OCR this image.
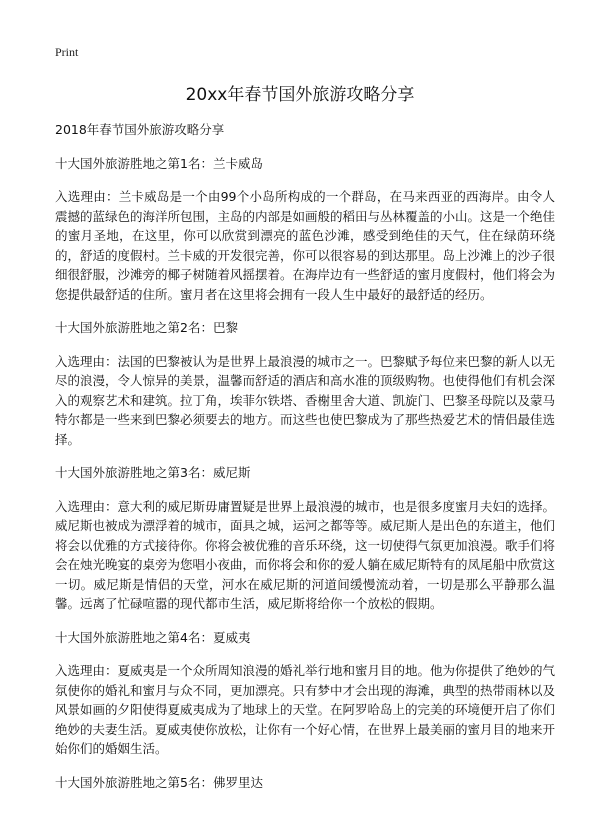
Print
20xx年春节国外旅游攻略分享

2018年春节国外旅游攻略分享

十大国外旅游胜地之第1名：兰卡威岛

入选理由：兰卡威岛是一个由99个小岛所构成的一个群岛，在马来西亚的西海岸。由令人震撼的蓝绿色的海洋所包围，主岛的内部是如画般的稻田与丛林覆盖的小山。这是一个绝佳的蜜月圣地，在这里，你可以欣赏到漂亮的蓝色沙滩，感受到绝佳的天气，住在绿荫环绕的，舒适的度假村。兰卡威的开发很完善，你可以很容易的到达那里。岛上沙滩上的沙子很细很舒服，沙滩旁的椰子树随着风摇摆着。在海岸边有一些舒适的蜜月度假村，他们将会为您提供最舒适的住所。蜜月者在这里将会拥有一段人生中最好的最舒适的经历。

十大国外旅游胜地之第2名：巴黎

入选理由：法国的巴黎被认为是世界上最浪漫的城市之一。巴黎赋予每位来巴黎的新人以无尽的浪漫，令人惊异的美景，温馨而舒适的酒店和高水准的顶级购物。也使得他们有机会深入的观察艺术和建筑。拉丁角，埃菲尔铁塔、香榭里舍大道、凯旋门、巴黎圣母院以及蒙马特尔都是一些来到巴黎必须要去的地方。而这些也使巴黎成为了那些热爱艺术的情侣最佳选择。

十大国外旅游胜地之第3名：威尼斯

入选理由：意大利的威尼斯毋庸置疑是世界上最浪漫的城市，也是很多度蜜月夫妇的选择。威尼斯也被成为漂浮着的城市，面具之城，运河之都等等。威尼斯人是出色的东道主，他们将会以优雅的方式接待你。你将会被优雅的音乐环绕，这一切使得气氛更加浪漫。歌手们将会在烛光晚宴的桌旁为您唱小夜曲，而你将会和你的爱人躺在威尼斯特有的凤尾船中欣赏这一切。威尼斯是情侣的天堂，河水在威尼斯的河道间缓慢流动着，一切是那么平静那么温馨。远离了忙碌喧嚣的现代都市生活，威尼斯将给你一个放松的假期。

十大国外旅游胜地之第4名：夏威夷

入选理由：夏威夷是一个众所周知浪漫的婚礼举行地和蜜月目的地。他为你提供了绝妙的气氛使你的婚礼和蜜月与众不同，更加漂亮。只有梦中才会出现的海滩，典型的热带雨林以及风景如画的夕阳使得夏威夷成为了地球上的天堂。在阿罗哈岛上的完美的环境便开启了你们绝妙的夫妻生活。夏威夷使你放松，让你有一个好心情，在世界上最美丽的蜜月目的地来开始你们的婚姻生活。

十大国外旅游胜地之第5名：佛罗里达
